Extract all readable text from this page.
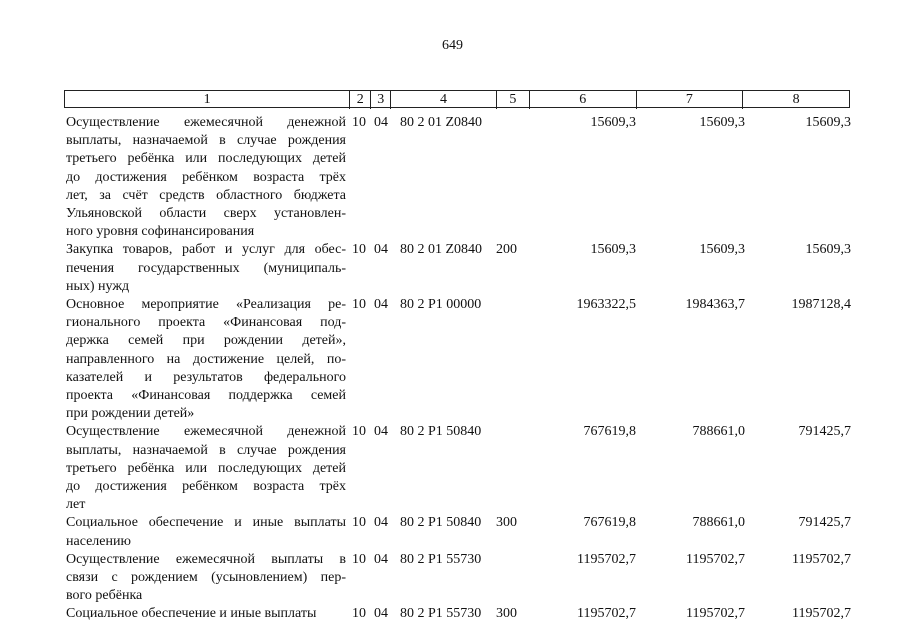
649
1	2 3	4	5	6	7	8
Осуществление ежемесячной денежной
выплаты, назначаемой в случае рождения
третьего ребёнка или последующих детей
до достижения ребёнком возраста трёх
лет, за счёт средств областного бюджета
Ульяновской области сверх установлен-
ного уровня софинансирования
10 04 80 2 01 Z0840	15609,3	15609,3	15609,3
Закупка товаров, работ и услуг для обес-
печения государственных (муниципаль-
ных) нужд
10 04 80 2 01 Z0840 200	15609,3	15609,3	15609,3
Основное мероприятие «Реализация ре-
гионального проекта «Финансовая под-
держка семей при рождении детей»,
направленного на достижение целей, по-
казателей и результатов федерального
проекта «Финансовая поддержка семей
при рождении детей»
10 04 80 2 P1 00000	1963322,5	1984363,7	1987128,4
Осуществление ежемесячной денежной
выплаты, назначаемой в случае рождения
третьего ребёнка или последующих детей
до достижения ребёнком возраста трёх
лет
10 04 80 2 P1 50840	767619,8	788661,0	791425,7
Социальное обеспечение и иные выплаты
населению
10 04 80 2 P1 50840 300	767619,8	788661,0	791425,7
Осуществление ежемесячной выплаты в
связи с рождением (усыновлением) пер-
вого ребёнка
10 04 80 2 P1 55730	1195702,7	1195702,7	1195702,7
Социальное обеспечение и иные выплаты	10 04 80 2 P1 55730 300	1195702,7	1195702,7	1195702,7
